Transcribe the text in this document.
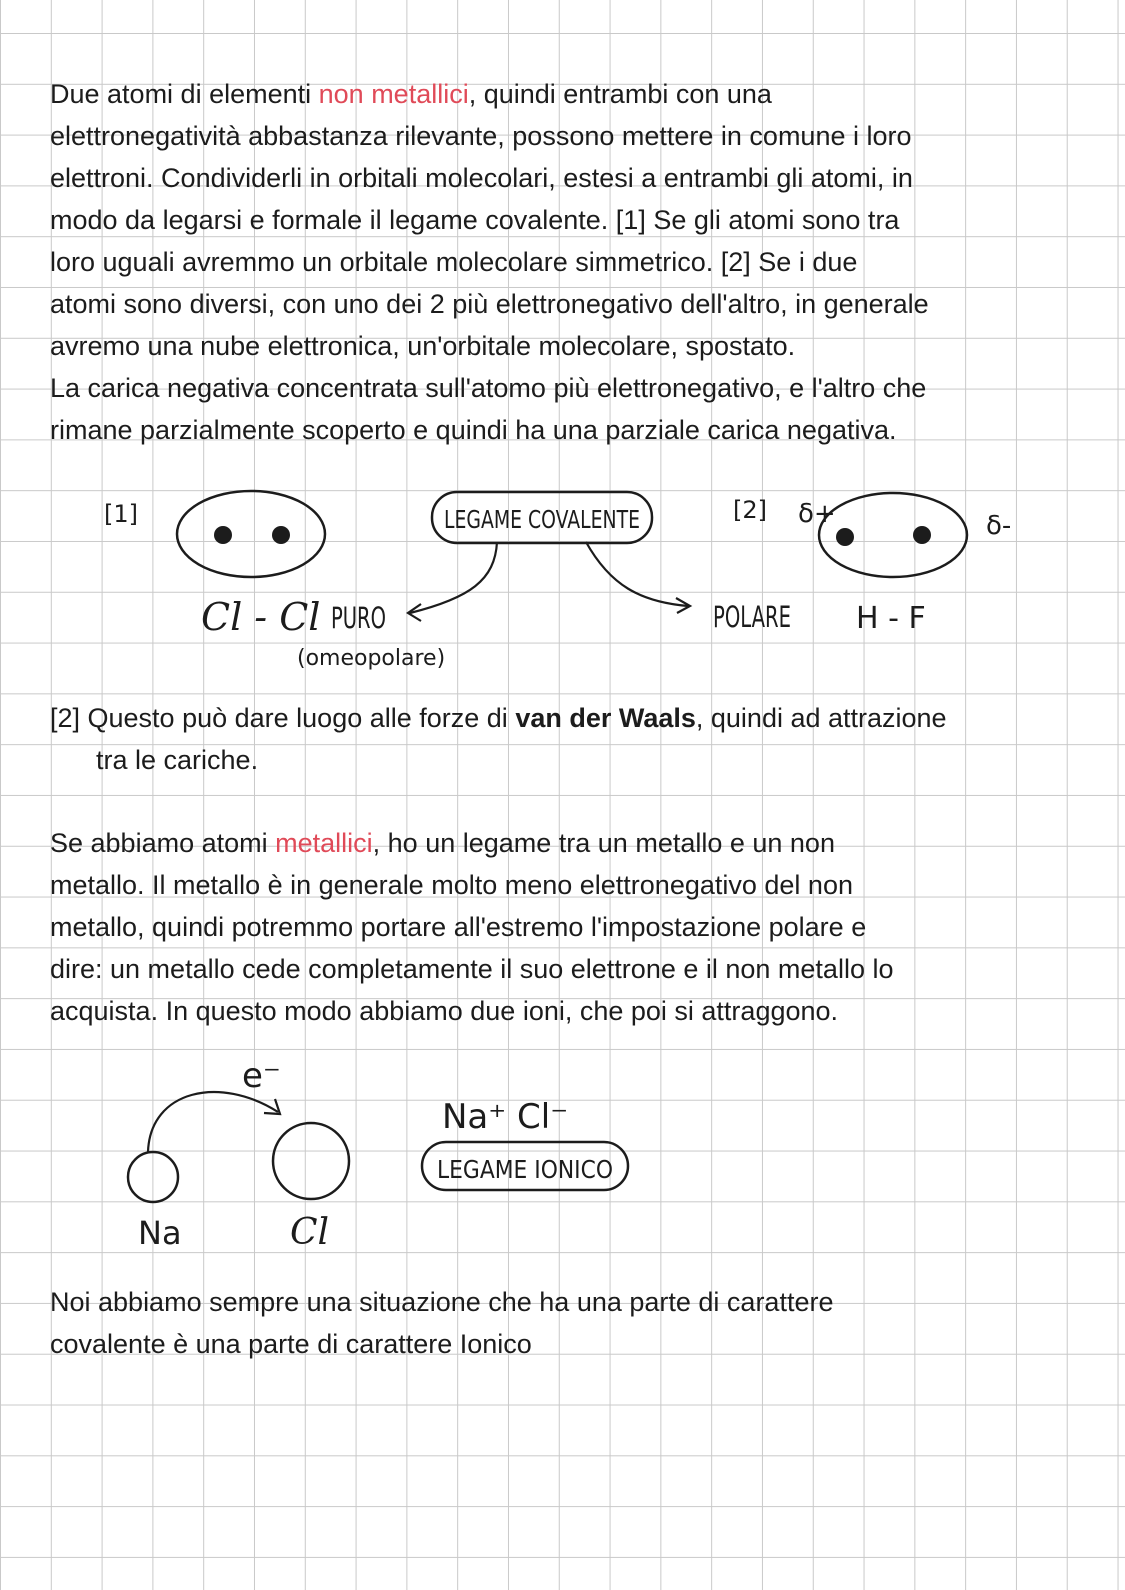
Due atomi di elementi non metallici, quindi entrambi con una
elettronegatività abbastanza rilevante, possono mettere in comune i loro
elettroni. Condividerli in orbitali molecolari, estesi a entrambi gli atomi, in
modo da legarsi e formale il legame covalente. [1] Se gli atomi sono tra
loro uguali avremmo un orbitale molecolare simmetrico. [2] Se i due
atomi sono diversi, con uno dei 2 più elettronegativo dell'altro, in generale
avremo una nube elettronica, un'orbitale molecolare, spostato.
La carica negativa concentrata sull'atomo più elettronegativo, e l'altro che
rimane parzialmente scoperto e quindi ha una parziale carica negativa.
[1]	LEGAME COVALENTE
Cl - Cl PURO
(omeopolare)
[2] δ+	δ-
POLARE H - F
[2] Questo può dare luogo alle forze di van der Waals, quindi ad attrazione
tra le cariche.
Se abbiamo atomi metallici, ho un legame tra un metallo e un non
metallo. Il metallo è in generale molto meno elettronegativo del non
metallo, quindi potremmo portare all'estremo l'impostazione polare e
dire: un metallo cede completamente il suo elettrone e il non metallo lo
acquista. In questo modo abbiamo due ioni, che poi si attraggono.
e⁻
Na	Cl
Na⁺ Cl⁻
LEGAME IONICO
Noi abbiamo sempre una situazione che ha una parte di carattere
covalente è una parte di carattere Ionico
